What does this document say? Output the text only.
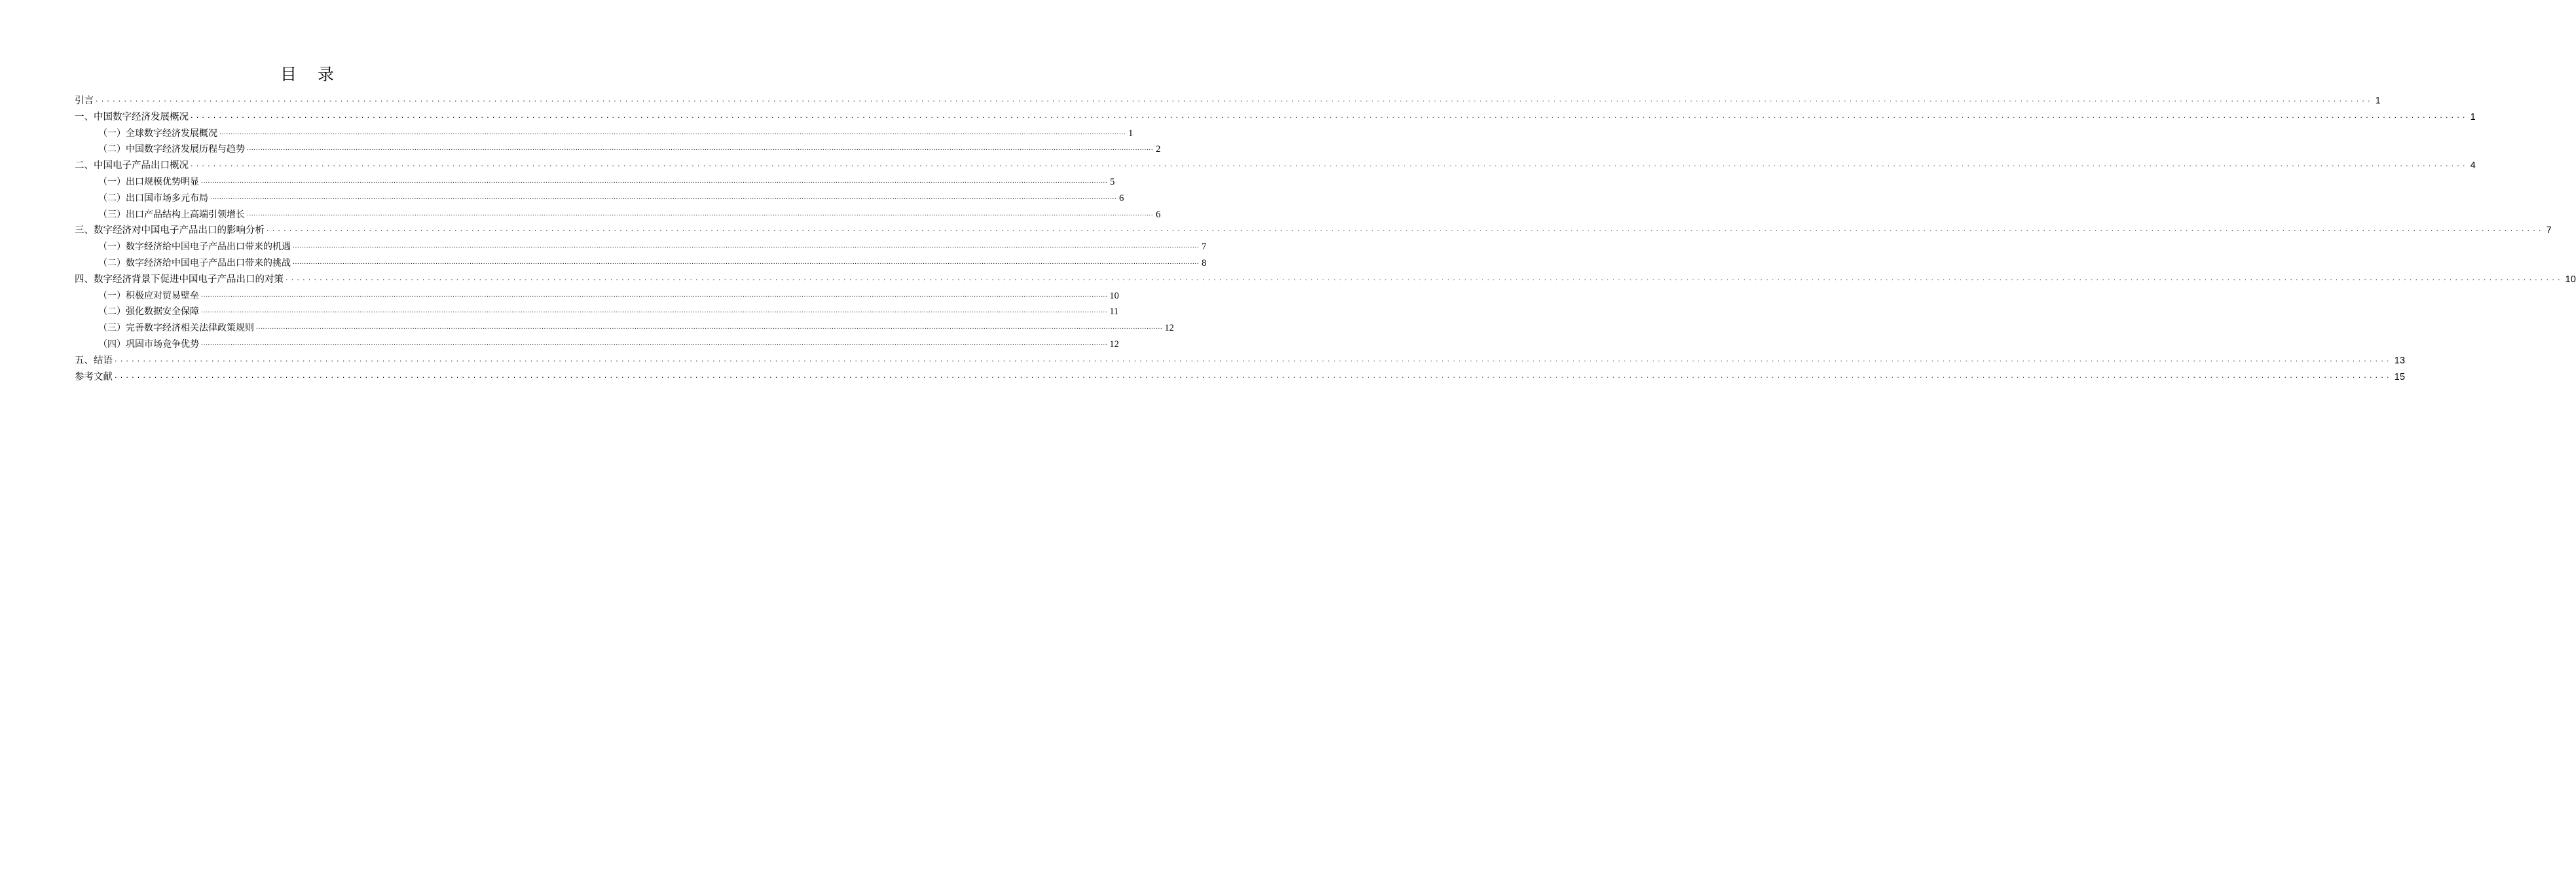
目 录
引言 ................................................................................................................................................................................................................................................................................................................................................................................................................ 1
一、中国数字经济发展概况 ................................................................................................................................................................................................................................................................................................................................................................................................................ 1
（一）全球数字经济发展概况 ................................................................................................................................................................................................................................................................................................................................................................................................................ 1
（二）中国数字经济发展历程与趋势 ................................................................................................................................................................................................................................................................................................................................................................................................................ 2
二、中国电子产品出口概况 ................................................................................................................................................................................................................................................................................................................................................................................................................ 4
（一）出口规模优势明显 ................................................................................................................................................................................................................................................................................................................................................................................................................ 5
（二）出口国市场多元布局 ................................................................................................................................................................................................................................................................................................................................................................................................................ 6
（三）出口产品结构上高端引领增长 ................................................................................................................................................................................................................................................................................................................................................................................................................ 6
三、数字经济对中国电子产品出口的影响分析 ................................................................................................................................................................................................................................................................................................................................................................................................................ 7
（一）数字经济给中国电子产品出口带来的机遇 ................................................................................................................................................................................................................................................................................................................................................................................................................ 7
（二）数字经济给中国电子产品出口带来的挑战 ................................................................................................................................................................................................................................................................................................................................................................................................................ 8
四、数字经济背景下促进中国电子产品出口的对策 ................................................................................................................................................................................................................................................................................................................................................................................................................ 10
（一）积极应对贸易壁垒 ................................................................................................................................................................................................................................................................................................................................................................................................................ 10
（二）强化数据安全保障 ................................................................................................................................................................................................................................................................................................................................................................................................................ 11
（三）完善数字经济相关法律政策规则 ................................................................................................................................................................................................................................................................................................................................................................................................................ 12
（四）巩固市场竞争优势 ................................................................................................................................................................................................................................................................................................................................................................................................................ 12
五、结语 ................................................................................................................................................................................................................................................................................................................................................................................................................ 13
参考文献 ................................................................................................................................................................................................................................................................................................................................................................................................................ 15
